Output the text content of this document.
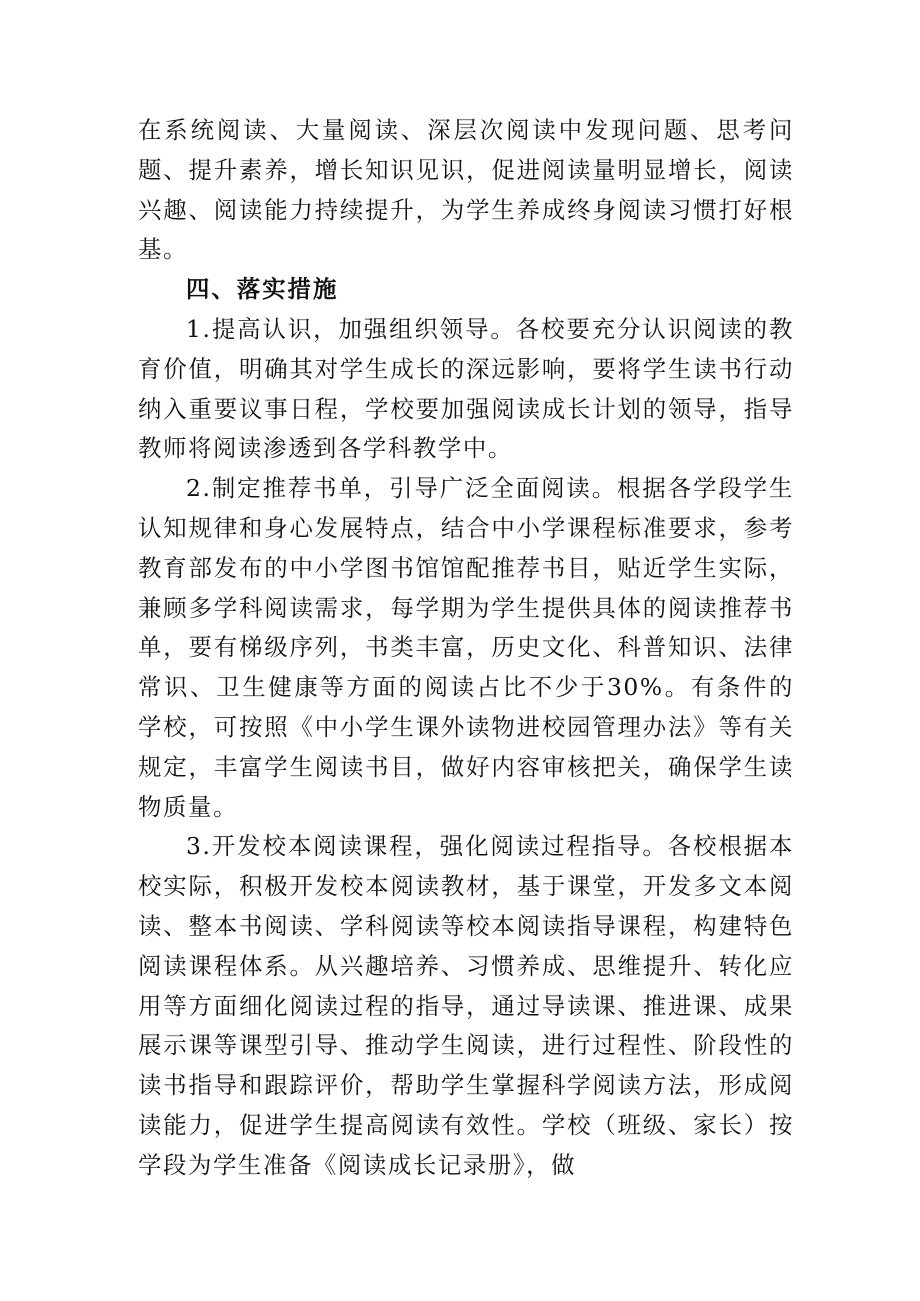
在系统阅读、大量阅读、深层次阅读中发现问题、思考问题、提升素养，增长知识见识，促进阅读量明显增长，阅读兴趣、阅读能力持续提升，为学生养成终身阅读习惯打好根基。

四、落实措施

1.提高认识，加强组织领导。各校要充分认识阅读的教育价值，明确其对学生成长的深远影响，要将学生读书行动纳入重要议事日程，学校要加强阅读成长计划的领导，指导教师将阅读渗透到各学科教学中。

2.制定推荐书单，引导广泛全面阅读。根据各学段学生认知规律和身心发展特点，结合中小学课程标准要求，参考教育部发布的中小学图书馆馆配推荐书目，贴近学生实际，兼顾多学科阅读需求，每学期为学生提供具体的阅读推荐书单，要有梯级序列，书类丰富，历史文化、科普知识、法律常识、卫生健康等方面的阅读占比不少于30%。有条件的学校，可按照《中小学生课外读物进校园管理办法》等有关规定，丰富学生阅读书目，做好内容审核把关，确保学生读物质量。

3.开发校本阅读课程，强化阅读过程指导。各校根据本校实际，积极开发校本阅读教材，基于课堂，开发多文本阅读、整本书阅读、学科阅读等校本阅读指导课程，构建特色阅读课程体系。从兴趣培养、习惯养成、思维提升、转化应用等方面细化阅读过程的指导，通过导读课、推进课、成果展示课等课型引导、推动学生阅读，进行过程性、阶段性的读书指导和跟踪评价，帮助学生掌握科学阅读方法，形成阅读能力，促进学生提高阅读有效性。学校（班级、家长）按学段为学生准备《阅读成长记录册》，做
